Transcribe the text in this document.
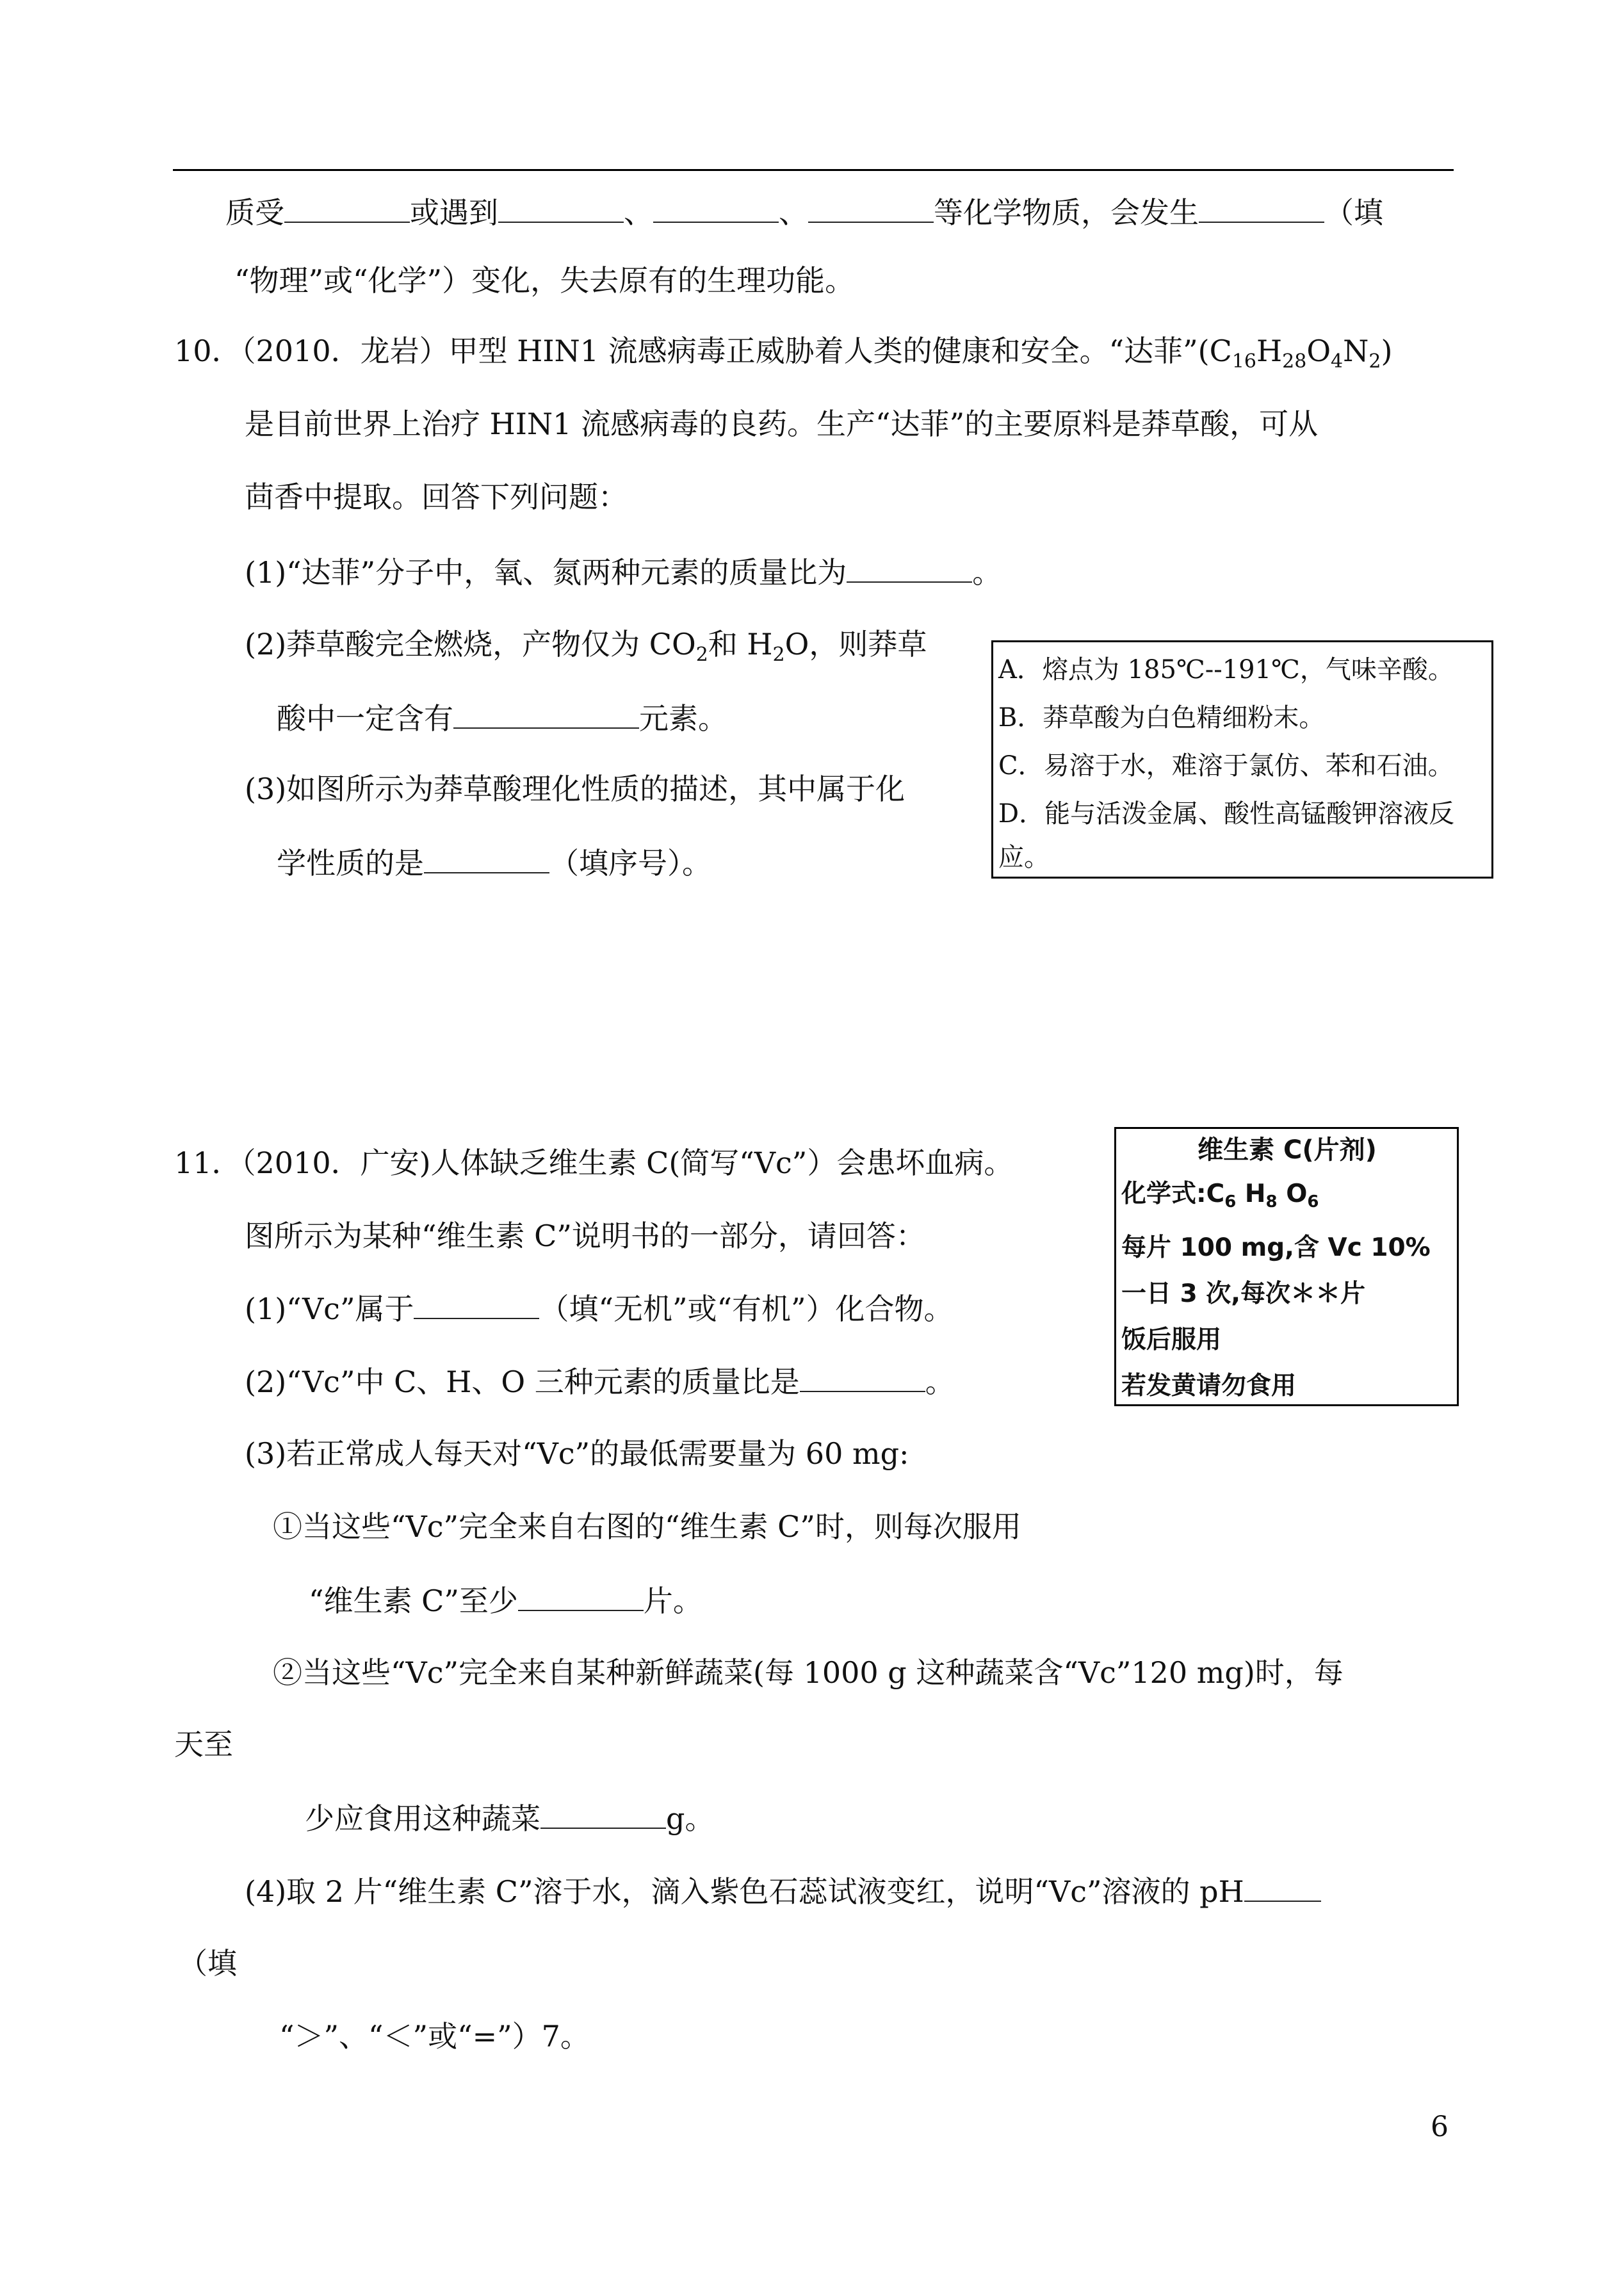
质受	或遇到	、	、	等化学物质，会发生	（填
“物理”或“化学”）变化，失去原有的生理功能。
10．（2010．龙岩）甲型 HIN1 流感病毒正威胁着人类的健康和安全。“达菲$”(C_{16}H_{28}O_4N_2)$
是目前世界上治疗 HIN1 流感病毒的良药。生产“达菲”的主要原料是莽草酸，可从
茴香中提取。回答下列问题：
(1)“达菲”分子中，氧、氮两种元素的质量比为	。
(2)莽草酸完全燃烧，产物仅为 $CO_2$和 $H_2O$，则莽草
酸中一定含有	元素。
(3)如图所示为莽草酸理化性质的描述，其中属于化
学性质的是	（填序号）。
A．熔点为 185℃--191℃，气味辛酸。
B．莽草酸为白色精细粉末。
C．易溶于水，难溶于氯仿、苯和石油。
D．能与活泼金属、酸性高锰酸钾溶液反
应。
11．（2010．广安)人体缺乏维生素 C(简写“Vc”）会患坏血病。
图所示为某种“维生素 C”说明书的一部分，请回答：
(1)“Vc”属于	（填“无机”或“有机”）化合物。
(2)“Vc”中 C、H、O 三种元素的质量比是	。
(3)若正常成人每天对“Vc”的最低需要量为 60 mg:
①当这些“Vc”完全来自右图的“维生素 C”时，则每次服用
“维生素 C”至少	片。
②当这些“Vc”完全来自某种新鲜蔬菜(每 1000 g 这种蔬菜含“Vc”120 mg)时，每
天至
少应食用这种蔬菜	g。
(4)取 2 片“维生素 C”溶于水，滴入紫色石蕊试液变红，说明“Vc”溶液的 pH
（填
“＞”、“＜”或“=”）7。
维生素 C(片剂)
化学式$:C_6$ $H_8$ $O_6$
每片 100 mg,含 Vc 10%
一日 3 次,每次＊＊片
饭后服用
若发黄请勿食用
6
